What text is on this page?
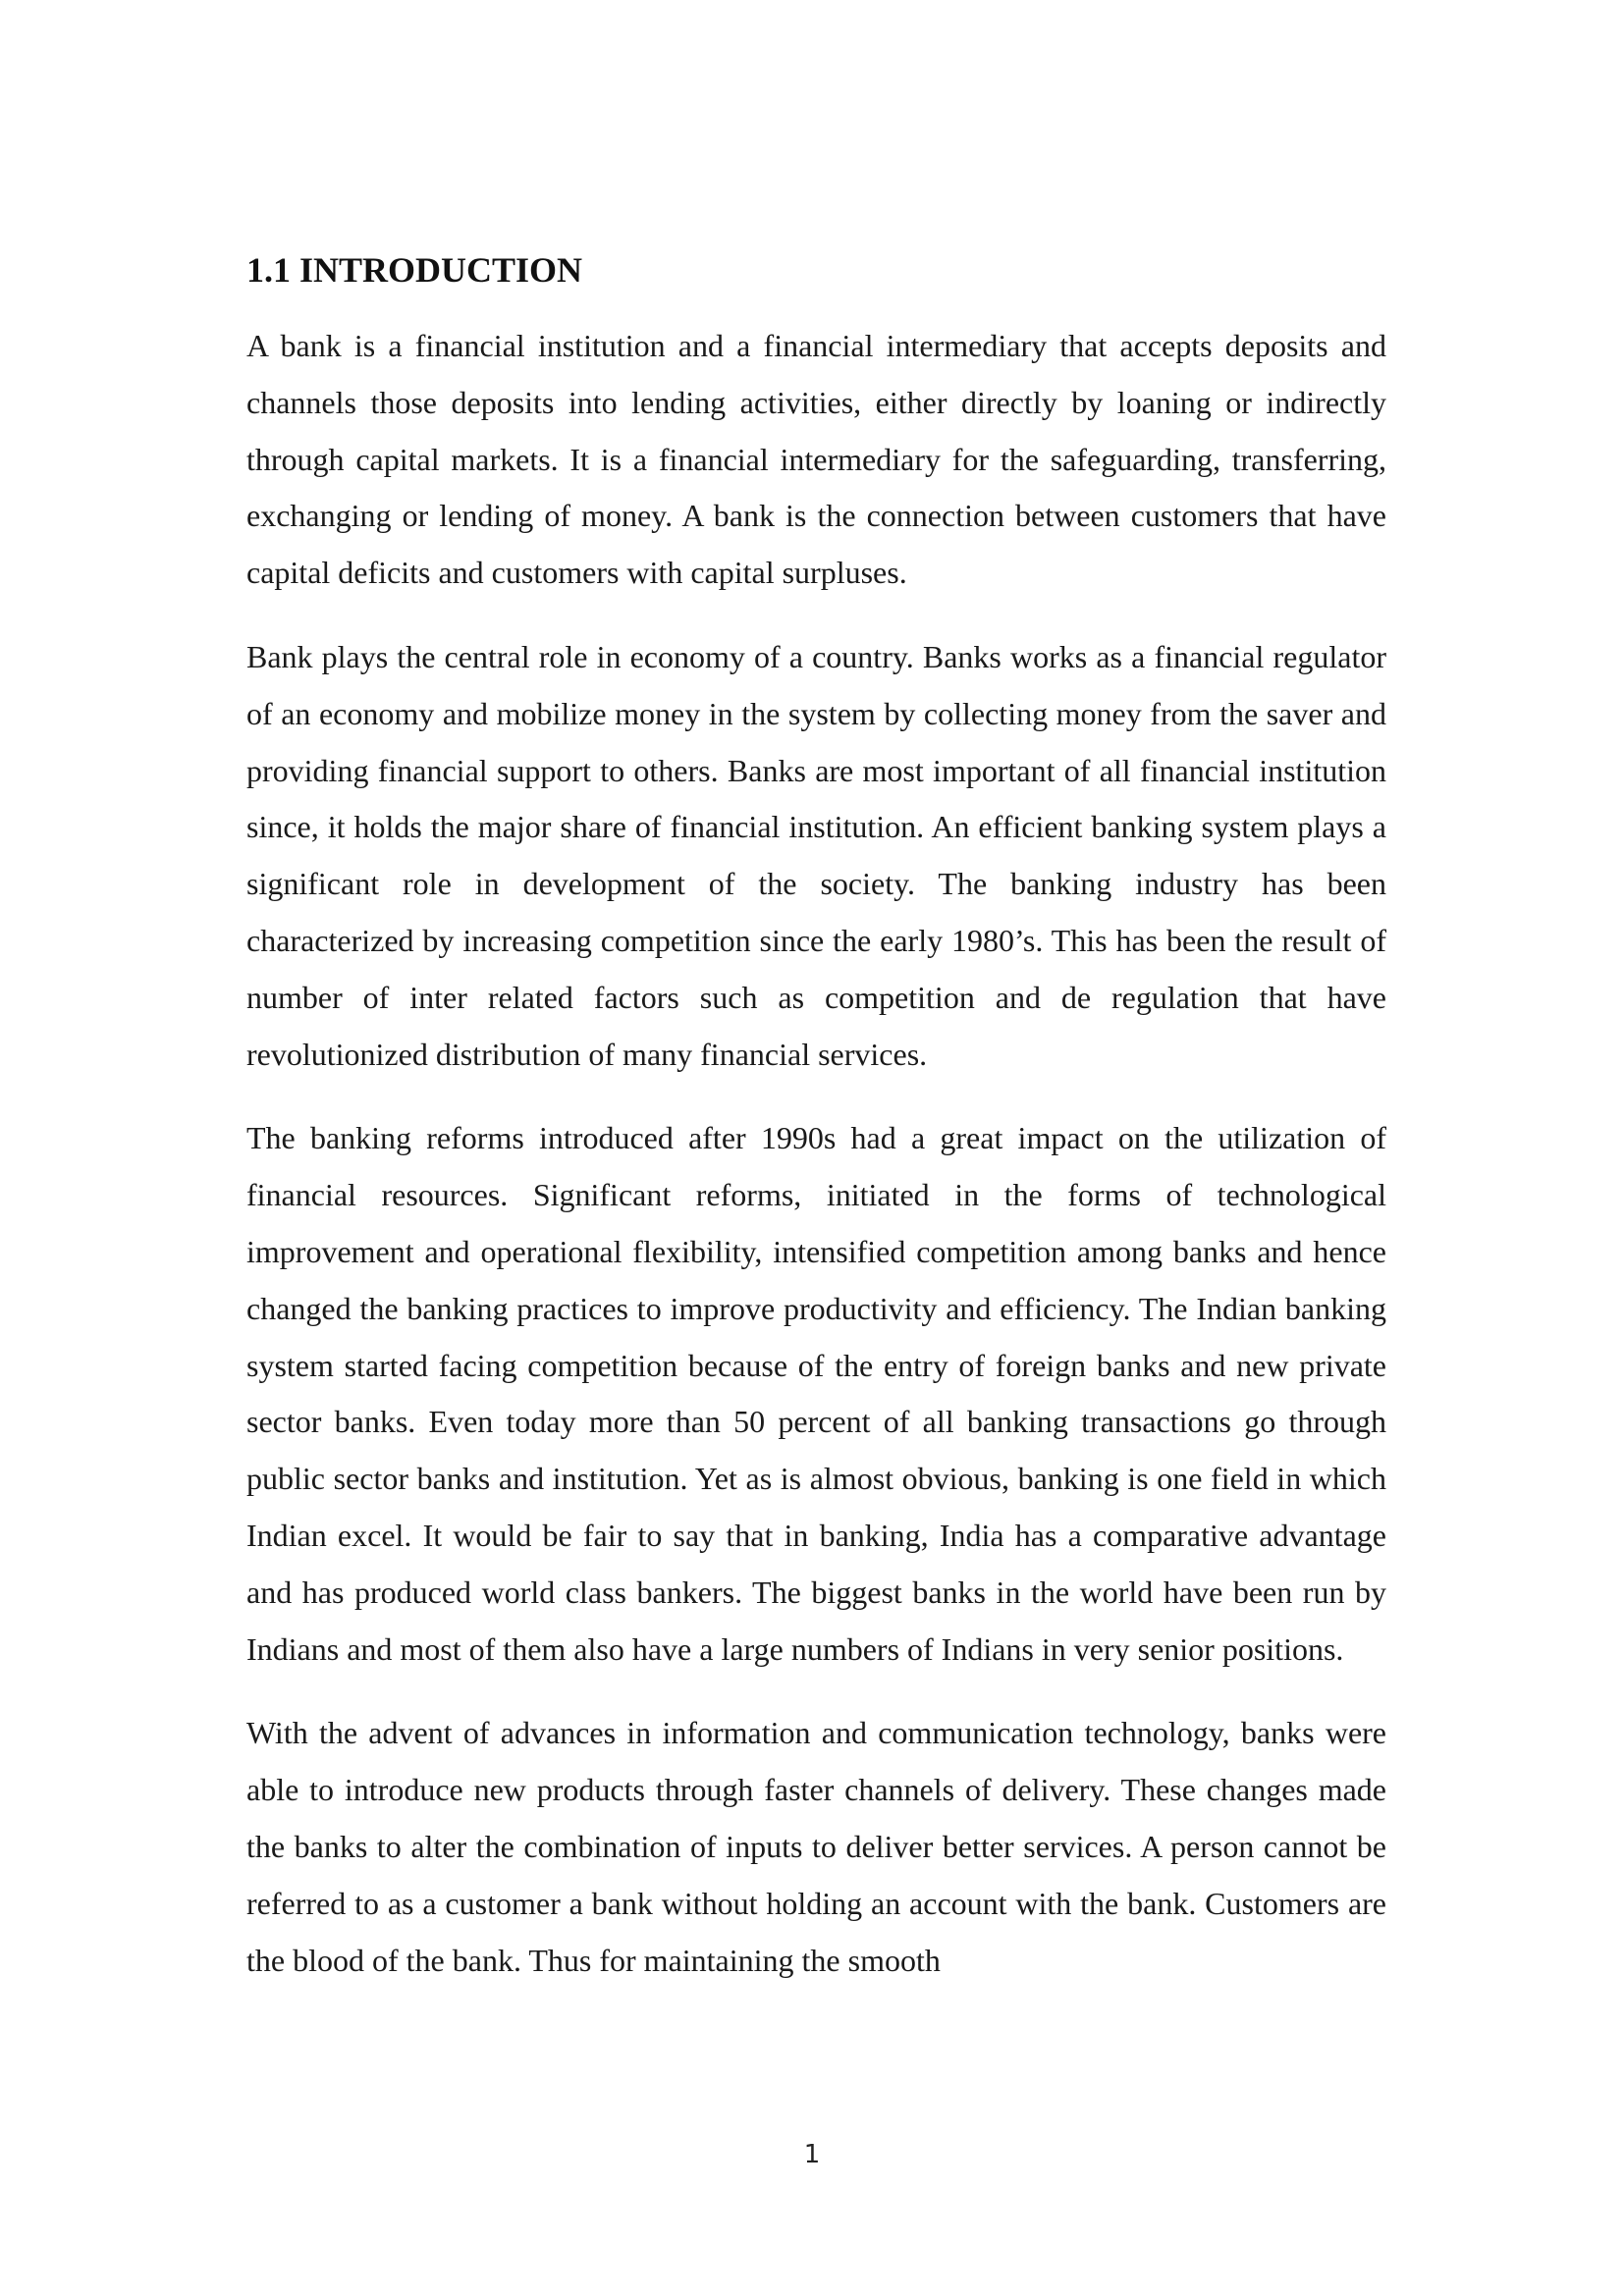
1.1 INTRODUCTION

A bank is a financial institution and a financial intermediary that accepts deposits and channels those deposits into lending activities, either directly by loaning or indirectly through capital markets. It is a financial intermediary for the safeguarding, transferring, exchanging or lending of money. A bank is the connection between customers that have capital deficits and customers with capital surpluses.

Bank plays the central role in economy of a country. Banks works as a financial regulator of an economy and mobilize money in the system by collecting money from the saver and providing financial support to others. Banks are most important of all financial institution since, it holds the major share of financial institution. An efficient banking system plays a significant role in development of the society. The banking industry has been characterized by increasing competition since the early 1980’s. This has been the result of number of inter related factors such as competition and de regulation that have revolutionized distribution of many financial services.

The banking reforms introduced after 1990s had a great impact on the utilization of financial resources. Significant reforms, initiated in the forms of technological improvement and operational flexibility, intensified competition among banks and hence changed the banking practices to improve productivity and efficiency. The Indian banking system started facing competition because of the entry of foreign banks and new private sector banks. Even today more than 50 percent of all banking transactions go through public sector banks and institution. Yet as is almost obvious, banking is one field in which Indian excel. It would be fair to say that in banking, India has a comparative advantage and has produced world class bankers. The biggest banks in the world have been run by Indians and most of them also have a large numbers of Indians in very senior positions.

With the advent of advances in information and communication technology, banks were able to introduce new products through faster channels of delivery. These changes made the banks to alter the combination of inputs to deliver better services. A person cannot be referred to as a customer a bank without holding an account with the bank. Customers are the blood of the bank. Thus for maintaining the smooth

1
